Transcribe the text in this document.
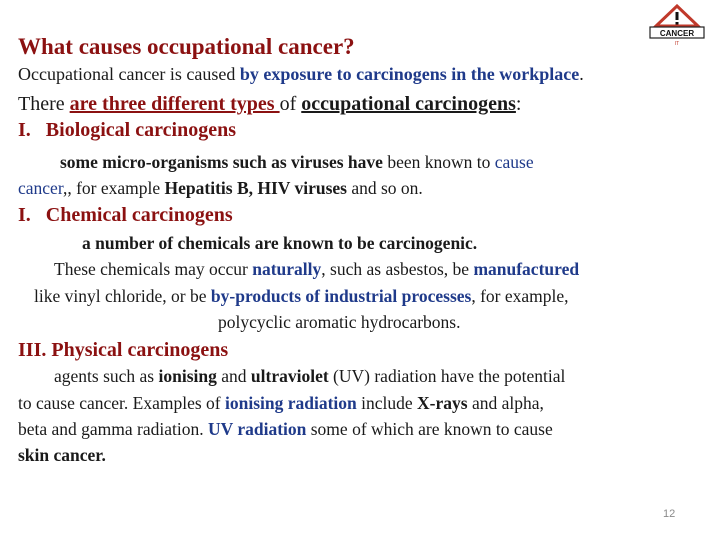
What causes occupational cancer?
CANCER
IT
Occupational cancer is caused by exposure to carcinogens in the workplace.
There are three different types of occupational carcinogens:
I. Biological carcinogens
some micro-organisms such as viruses have been known to cause
cancer,, for example Hepatitis B, HIV viruses and so on.
I. Chemical carcinogens
a number of chemicals are known to be carcinogenic.
These chemicals may occur naturally, such as asbestos, be manufactured
like vinyl chloride, or be by-products of industrial processes, for example,
polycyclic aromatic hydrocarbons.
III. Physical carcinogens
agents such as ionising and ultraviolet (UV) radiation have the potential
to cause cancer. Examples of ionising radiation include X-rays and alpha,
beta and gamma radiation. UV radiation some of which are known to cause
skin cancer.
12
